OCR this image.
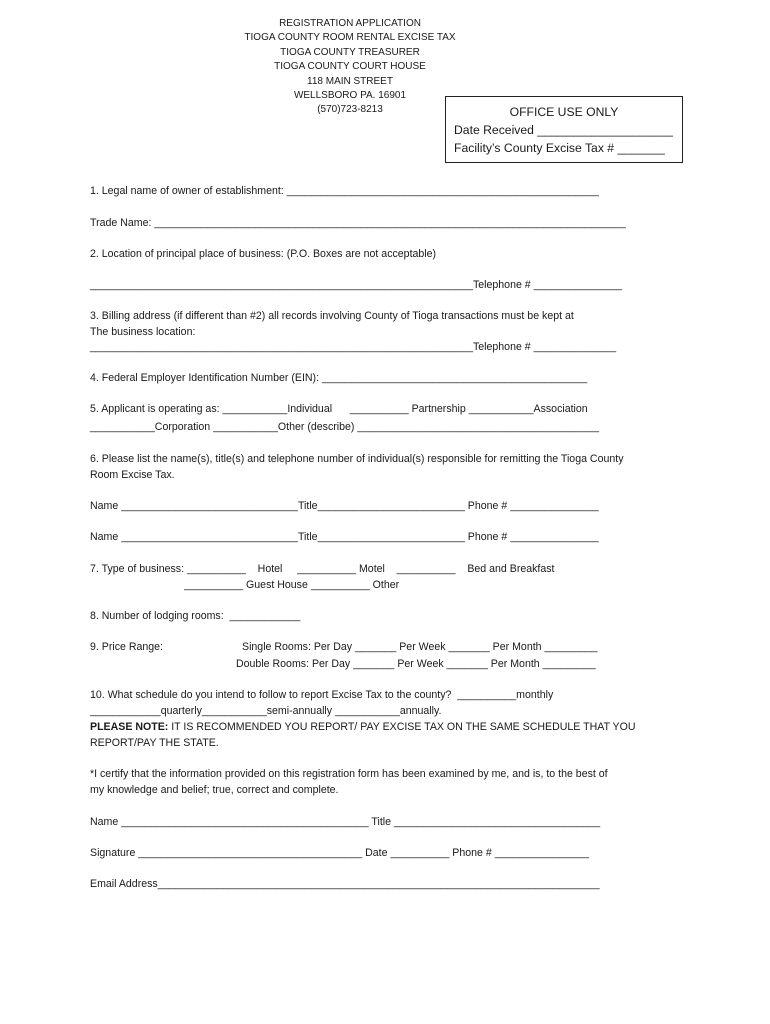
REGISTRATION APPLICATION
TIOGA COUNTY ROOM RENTAL EXCISE TAX
TIOGA COUNTY TREASURER
TIOGA COUNTY COURT HOUSE
118 MAIN STREET
WELLSBORO PA. 16901
(570)723-8213	OFFICE USE ONLY
Date Received ____________________
Facility’s County Excise Tax # _______
1. Legal name of owner of establishment: _____________________________________________________
Trade Name: ________________________________________________________________________________
2. Location of principal place of business: (P.O. Boxes are not acceptable)
_________________________________________________________________Telephone # _______________
3. Billing address (if different than #2) all records involving County of Tioga transactions must be kept at
The business location:
_________________________________________________________________Telephone # ______________
4. Federal Employer Identification Number (EIN): _____________________________________________
5. Applicant is operating as: ___________Individual      __________ Partnership ___________Association
___________Corporation ___________Other (describe) _________________________________________
6. Please list the name(s), title(s) and telephone number of individual(s) responsible for remitting the Tioga County
Room Excise Tax.
Name ______________________________Title_________________________ Phone # _______________
Name ______________________________Title_________________________ Phone # _______________
7. Type of business: __________    Hotel     __________ Motel    __________    Bed and Breakfast
__________ Guest House __________ Other
8. Number of lodging rooms:  ____________
9. Price Range:	Single Rooms: Per Day _______ Per Week _______ Per Month _________
Double Rooms: Per Day _______ Per Week _______ Per Month _________
10. What schedule do you intend to follow to report Excise Tax to the county?  __________monthly
____________quarterly___________semi-annually ___________annually.
PLEASE NOTE: IT IS RECOMMENDED YOU REPORT/ PAY EXCISE TAX ON THE SAME SCHEDULE THAT YOU
REPORT/PAY THE STATE.
*I certify that the information provided on this registration form has been examined by me, and is, to the best of
my knowledge and belief; true, correct and complete.
Name __________________________________________ Title ___________________________________
Signature ______________________________________ Date __________ Phone # ________________
Email Address___________________________________________________________________________
